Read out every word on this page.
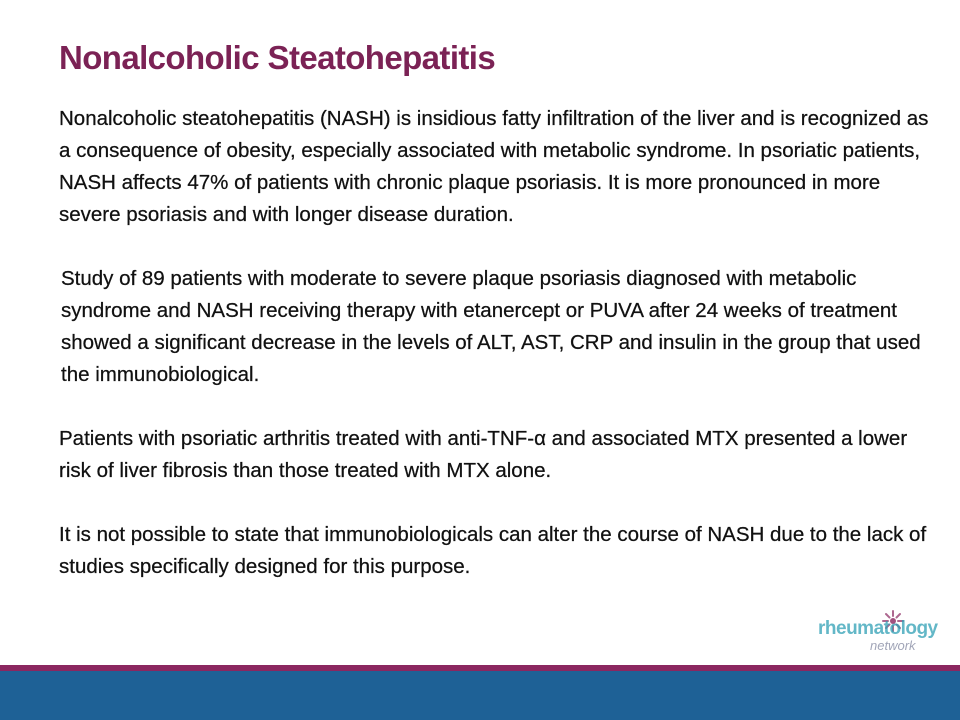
Nonalcoholic Steatohepatitis

Nonalcoholic steatohepatitis (NASH) is insidious fatty infiltration of the liver and is recognized as a consequence of obesity, especially associated with metabolic syndrome. In psoriatic patients, NASH affects 47% of patients with chronic plaque psoriasis. It is more pronounced in more severe psoriasis and with longer disease duration.

Study of 89 patients with moderate to severe plaque psoriasis diagnosed with metabolic syndrome and NASH receiving therapy with etanercept or PUVA after 24 weeks of treatment showed a significant decrease in the levels of ALT, AST, CRP and insulin in the group that used the immunobiological.

Patients with psoriatic arthritis treated with anti-TNF-α and associated MTX presented a lower risk of liver fibrosis than those treated with MTX alone.

It is not possible to state that immunobiologicals can alter the course of NASH due to the lack of studies specifically designed for this purpose.

rheumatology
network
